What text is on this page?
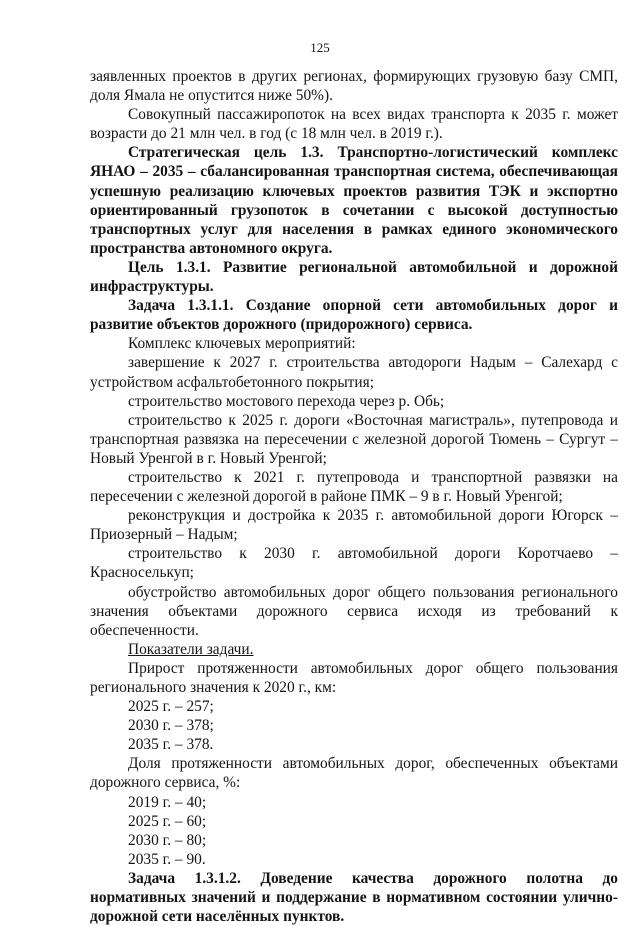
125

заявленных проектов в других регионах, формирующих грузовую базу СМП, доля Ямала не опустится ниже 50%).

Совокупный пассажиропоток на всех видах транспорта к 2035 г. может возрасти до 21 млн чел. в год (с 18 млн чел. в 2019 г.).

Стратегическая цель 1.3. Транспортно-логистический комплекс ЯНАО – 2035 – сбалансированная транспортная система, обеспечивающая успешную реализацию ключевых проектов развития ТЭК и экспортно ориентированный грузопоток в сочетании с высокой доступностью транспортных услуг для населения в рамках единого экономического пространства автономного округа.

Цель 1.3.1. Развитие региональной автомобильной и дорожной инфраструктуры.

Задача 1.3.1.1. Создание опорной сети автомобильных дорог и развитие объектов дорожного (придорожного) сервиса.

Комплекс ключевых мероприятий:

завершение к 2027 г. строительства автодороги Надым – Салехард с устройством асфальтобетонного покрытия;

строительство мостового перехода через р. Обь;

строительство к 2025 г. дороги «Восточная магистраль», путепровода и транспортная развязка на пересечении с железной дорогой Тюмень – Сургут – Новый Уренгой в г. Новый Уренгой;

строительство к 2021 г. путепровода и транспортной развязки на пересечении с железной дорогой в районе ПМК – 9 в г. Новый Уренгой;

реконструкция и достройка к 2035 г. автомобильной дороги Югорск – Приозерный – Надым;

строительство к 2030 г. автомобильной дороги Коротчаево – Красноселькуп;

обустройство автомобильных дорог общего пользования регионального значения объектами дорожного сервиса исходя из требований к обеспеченности.

Показатели задачи.

Прирост протяженности автомобильных дорог общего пользования регионального значения к 2020 г., км:

2025 г. – 257;

2030 г. – 378;

2035 г. – 378.

Доля протяженности автомобильных дорог, обеспеченных объектами дорожного сервиса, %:

2019 г. – 40;

2025 г. – 60;

2030 г. – 80;

2035 г. – 90.

Задача 1.3.1.2. Доведение качества дорожного полотна до нормативных значений и поддержание в нормативном состоянии улично-дорожной сети населённых пунктов.
